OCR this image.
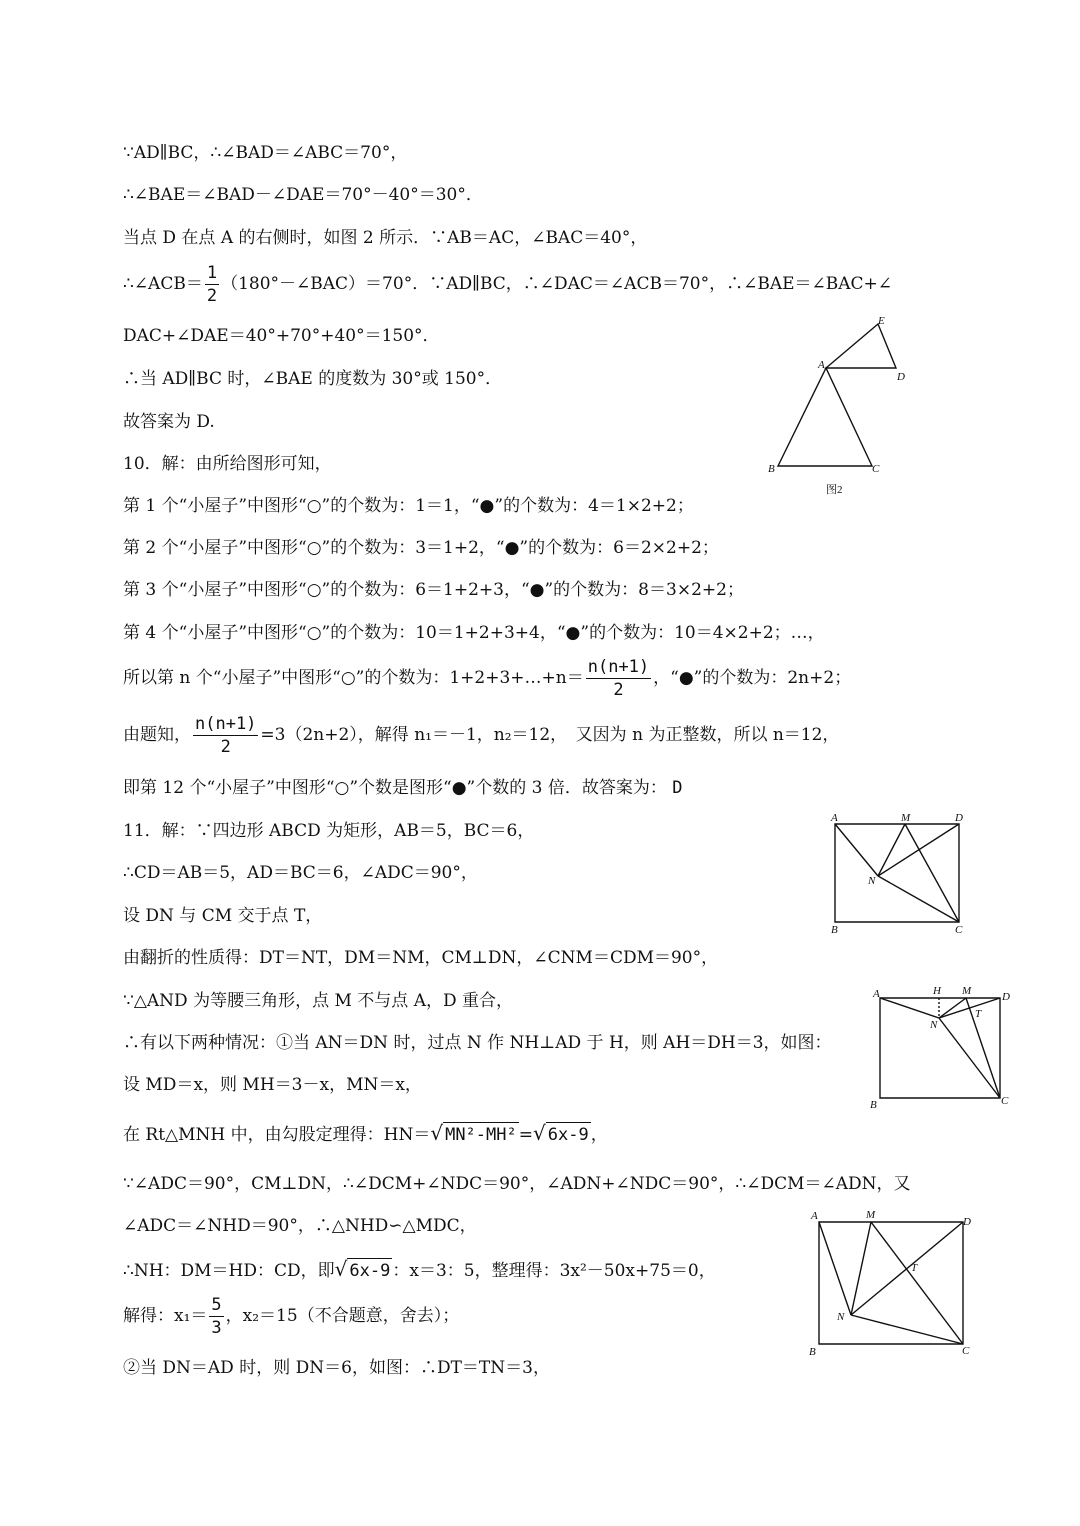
∵AD∥BC，∴∠BAD＝∠ABC＝70°，
∴∠BAE＝∠BAD－∠DAE＝70°－40°＝30°．
当点 D 在点 A 的右侧时，如图 2 所示．∵AB＝AC，∠BAC＝40°，
∴∠ACB＝ $\frac{1}{2}$ （180°－∠BAC）＝70°．∵AD∥BC，∴∠DAC＝∠ACB＝70°，∴∠BAE＝∠BAC+∠
DAC+∠DAE＝40°+70°+40°＝150°．
∴当 AD∥BC 时，∠BAE 的度数为 30°或 150°．
故答案为 D.
10．解：由所给图形可知，
第 1 个“小屋子”中图形“○”的个数为：1＝1，“●”的个数为：4＝1×2+2；
第 2 个“小屋子”中图形“○”的个数为：3＝1+2，“●”的个数为：6＝2×2+2；
第 3 个“小屋子”中图形“○”的个数为：6＝1+2+3，“●”的个数为：8＝3×2+2；
第 4 个“小屋子”中图形“○”的个数为：10＝1+2+3+4，“●”的个数为：10＝4×2+2；…，
所以第 n 个“小屋子”中图形“○”的个数为：1+2+3+…+n＝ $\frac{n(n+1)}{2}$ ，“●”的个数为：2n+2；
由题知， $\frac{n(n+1)}{2} =3(2n+2)$，解得 n₁＝－1，n₂＝12，　又因为 n 为正整数，所以 n＝12，
即第 12 个“小屋子”中图形“○”个数是图形“●”个数的 3 倍．故答案为： D
11．解：∵四边形 ABCD 为矩形，AB＝5，BC＝6，
∴CD＝AB＝5，AD＝BC＝6，∠ADC＝90°，
设 DN 与 CM 交于点 T，
由翻折的性质得：DT＝NT，DM＝NM，CM⊥DN，∠CNM＝CDM＝90°，
∵△AND 为等腰三角形，点 M 不与点 A，D 重合，
∴有以下两种情况：①当 AN＝DN 时，过点 N 作 NH⊥AD 于 H，则 AH＝DH＝3，如图：
设 MD＝x，则 MH＝3－x，MN＝x，
在 Rt△MNH 中，由勾股定理得：HN＝√ MN²-MH² =√ 6x-9 ，
∵∠ADC＝90°，CM⊥DN，∴∠DCM+∠NDC＝90°，∠ADN+∠NDC＝90°，∴∠DCM＝∠ADN，又
∠ADC＝∠NHD＝90°，∴△NHD∽△MDC，
∴NH：DM＝HD：CD，即√ 6x-9 ：x＝3：5，整理得：3x²－50x+75＝0，
解得：$x_1= \frac{5}{3}$ ，x₂＝15（不合题意，舍去）；
②当 DN＝AD 时，则 DN＝6，如图：∴DT＝TN＝3，
E
A
D
B	C
图2
A	M	D
N
B	C
A	H M	D
N
T
B	C
A	M
D
T
N
B	C
